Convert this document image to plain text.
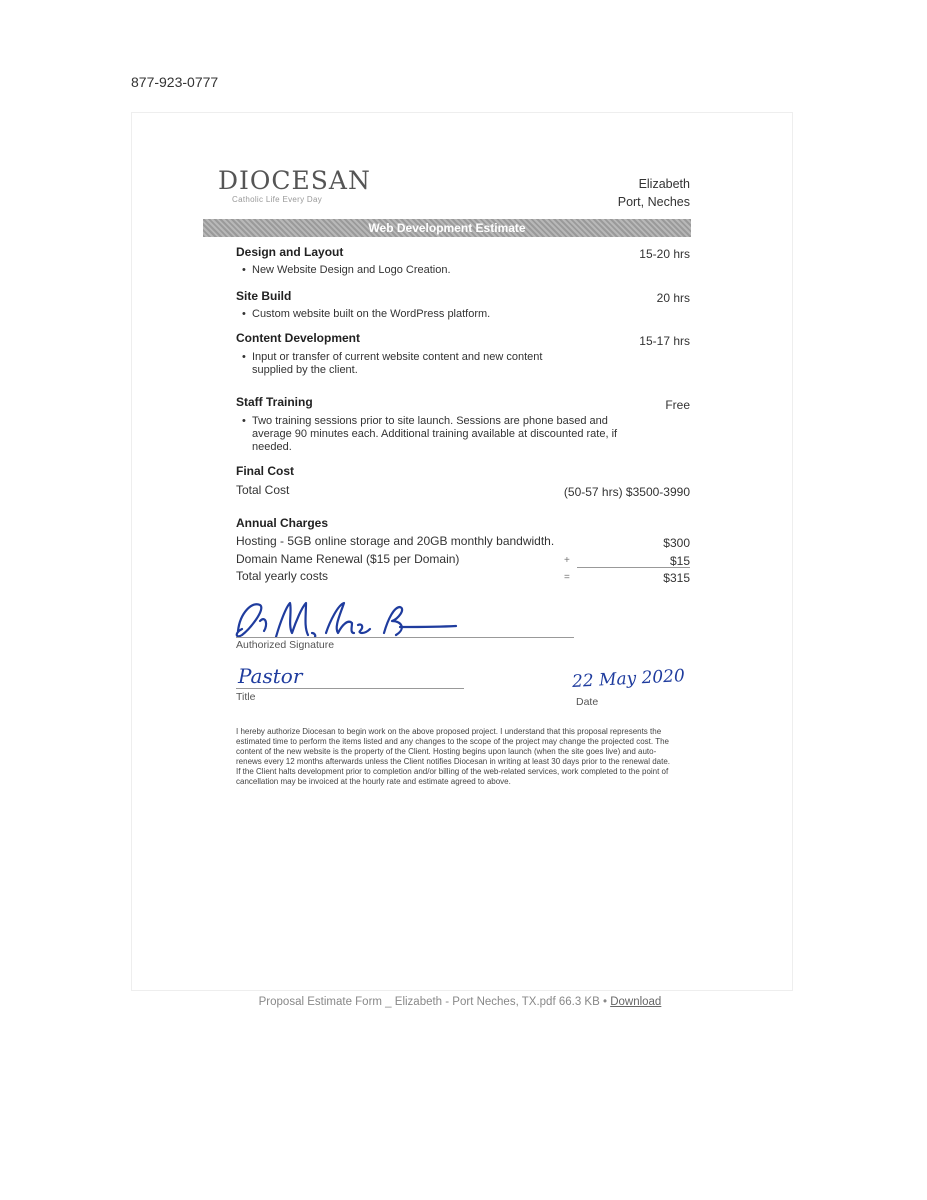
877-923-0777
DIOCESAN
Catholic Life Every Day
Elizabeth
Port, Neches
Web Development Estimate
Design and Layout	15-20 hrs
• New Website Design and Logo Creation.
Site Build	20 hrs
• Custom website built on the WordPress platform.
Content Development	15-17 hrs
• Input or transfer of current website content and new content supplied by the client.
Staff Training	Free
• Two training sessions prior to site launch. Sessions are phone based and average 90 minutes each. Additional training available at discounted rate, if needed.
Final Cost
Total Cost	(50-57 hrs) $3500-3990
Annual Charges
Hosting - 5GB online storage and 20GB monthly bandwidth.	$300
Domain Name Renewal ($15 per Domain)	+	$15
Total yearly costs	=	$315
Authorized Signature
Pastor
Title
22 May 2020
Date
I hereby authorize Diocesan to begin work on the above proposed project. I understand that this proposal represents the estimated time to perform the items listed and any changes to the scope of the project may change the projected cost. The content of the new website is the property of the Client. Hosting begins upon launch (when the site goes live) and auto-renews every 12 months afterwards unless the Client notifies Diocesan in writing at least 30 days prior to the renewal date. If the Client halts development prior to completion and/or billing of the web-related services, work completed to the point of cancellation may be invoiced at the hourly rate and estimate agreed to above.
Proposal Estimate Form _ Elizabeth - Port Neches, TX.pdf 66.3 KB • Download
